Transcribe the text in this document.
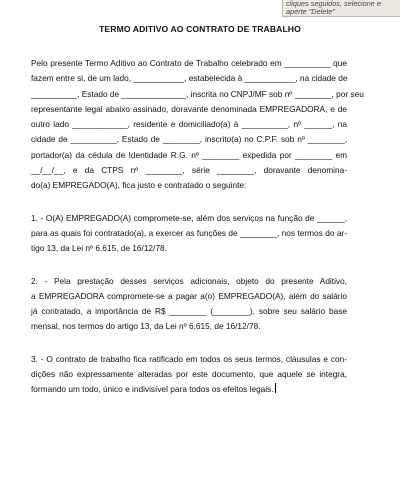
cliques seguidos, selecione e
aperte "Delete"
TERMO ADITIVO AO CONTRATO DE TRABALHO
Pelo presente Termo Aditivo ao Contrato de Trabalho celebrado em __________ que
fazem entre si, de um lado, ___________, estabelecida à ___________, na cidade de
__________, Estado de ______________, inscrita no CNPJ/MF sob nº ________, por seu
representante legal abaixo assinado, doravante denominada EMPREGADORA, e de
outro lado ____________, residente e domiciliado(a) à __________, nº ______, na
cidade de __________, Estado de ________, inscrito(a) no C.P.F. sob nº ________,
portador(a) da cédula de Identidade R.G. nº ________ expedida por ________ em
__/__/__, e da CTPS nº ________, série ________, doravante denomina-
do(a) EMPREGADO(A), fica justo e contratado o seguinte:
1. - O(A) EMPREGADO(A) compromete-se, além dos serviços na função de ______,
para as quais foi contratado(a), a exercer as funções de ________, nos termos do ar-
tigo 13, da Lei nº 6.615, de 16/12/78.
2. - Pela prestação desses serviços adicionais, objeto do presente Aditivo,
a EMPREGADORA compromete-se a pagar a(o) EMPREGADO(A), além do salário
já contratado, a importância de R$ ________ (________), sobre seu salário base
mensal, nos termos do artigo 13, da Lei nº 6.615, de 16/12/78.
3. - O contrato de trabalho fica ratificado em todos os seus termos, cláusulas e con-
dições não expressamente alteradas por este documento, que aquele se integra,
formando um todo, único e indivisível para todos os efeitos legais.
